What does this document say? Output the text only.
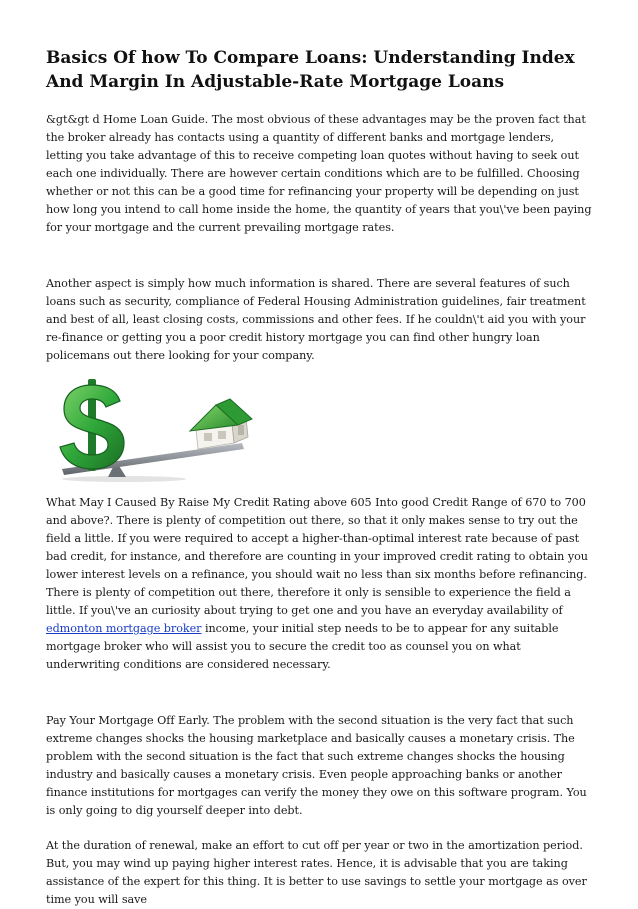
Basics Of how To Compare Loans: Understanding Index And Margin In Adjustable-Rate Mortgage Loans

&gt&gt d Home Loan Guide. The most obvious of these advantages may be the proven fact that the broker already has contacts using a quantity of different banks and mortgage lenders, letting you take advantage of this to receive competing loan quotes without having to seek out each one individually. There are however certain conditions which are to be fulfilled. Choosing whether or not this can be a good time for refinancing your property will be depending on just how long you intend to call home inside the home, the quantity of years that you\'ve been paying for your mortgage and the current prevailing mortgage rates.

Another aspect is simply how much information is shared. There are several features of such loans such as security, compliance of Federal Housing Administration guidelines, fair treatment and best of all, least closing costs, commissions and other fees. If he couldn\'t aid you with your re-finance or getting you a poor credit history mortgage you can find other hungry loan policemans out there looking for your company.

What May I Caused By Raise My Credit Rating above 605 Into good Credit Range of 670 to 700 and above?. There is plenty of competition out there, so that it only makes sense to try out the field a little. If you were required to accept a higher-than-optimal interest rate because of past bad credit, for instance, and therefore are counting in your improved credit rating to obtain you lower interest levels on a refinance, you should wait no less than six months before refinancing. There is plenty of competition out there, therefore it only is sensible to experience the field a little. If you\'ve an curiosity about trying to get one and you have an everyday availability of edmonton mortgage broker income, your initial step needs to be to appear for any suitable mortgage broker who will assist you to secure the credit too as counsel you on what underwriting conditions are considered necessary.

Pay Your Mortgage Off Early. The problem with the second situation is the very fact that such extreme changes shocks the housing marketplace and basically causes a monetary crisis. The problem with the second situation is the fact that such extreme changes shocks the housing industry and basically causes a monetary crisis. Even people approaching banks or another finance institutions for mortgages can verify the money they owe on this software program. You is only going to dig yourself deeper into debt.

At the duration of renewal, make an effort to cut off per year or two in the amortization period. But, you may wind up paying higher interest rates. Hence, it is advisable that you are taking assistance of the expert for this thing. It is better to use savings to settle your mortgage as over time you will save
